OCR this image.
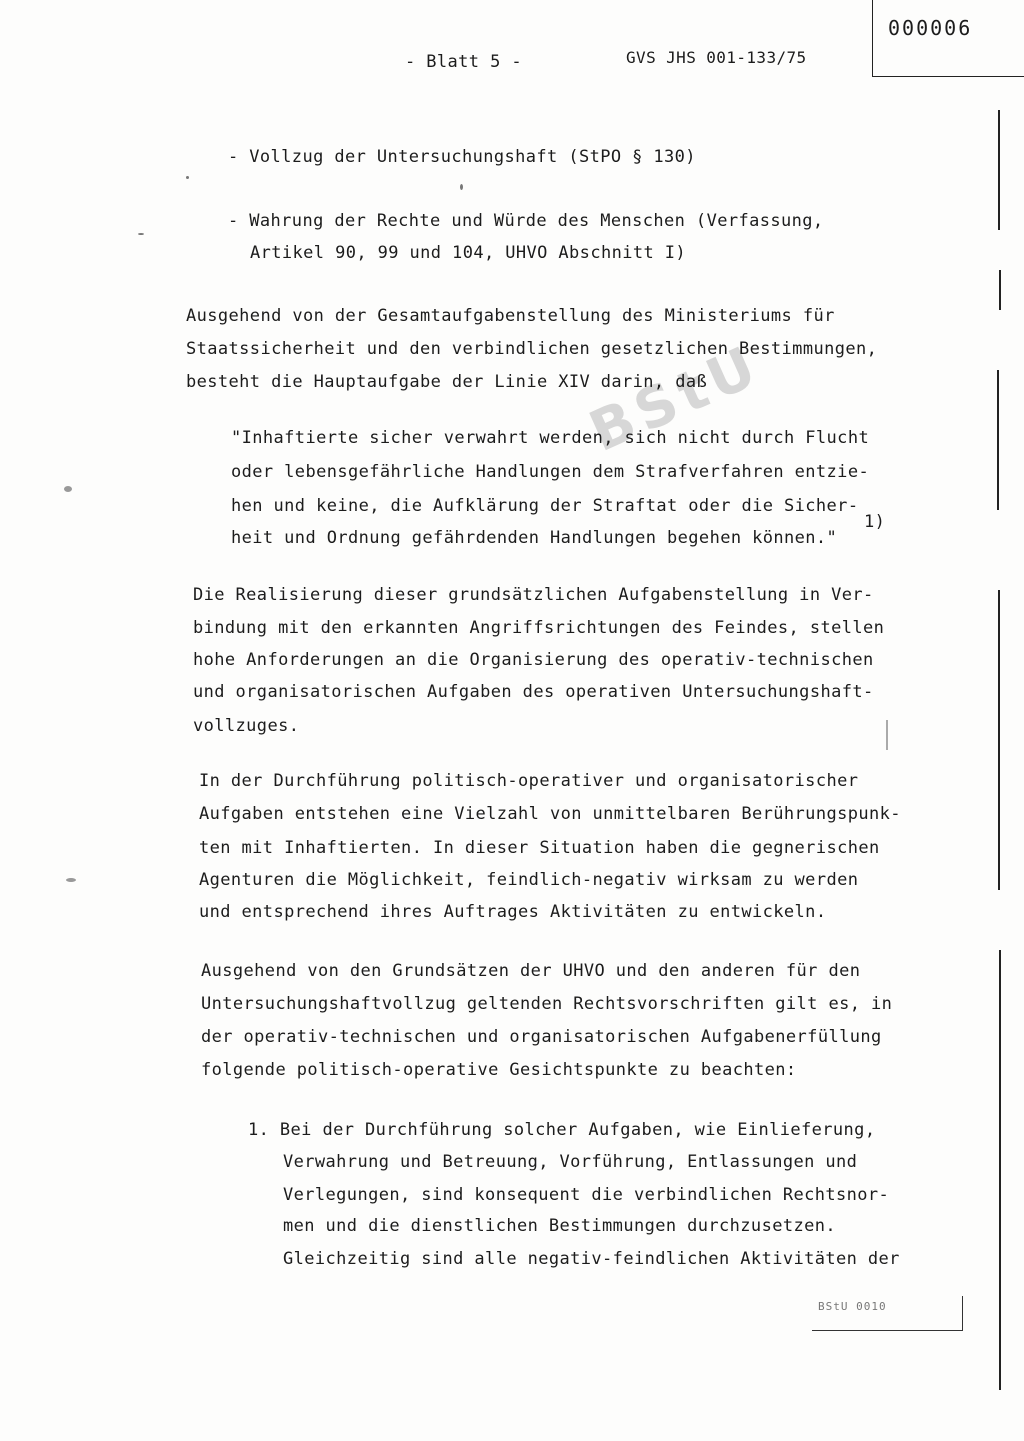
- Blatt 5 -	GVS JHS 001-133/75
000006
BStU
- Vollzug der Untersuchungshaft (StPO § 130)
- Wahrung der Rechte und Würde des Menschen (Verfassung,
Artikel 90, 99 und 104, UHVO Abschnitt I)
Ausgehend von der Gesamtaufgabenstellung des Ministeriums für
Staatssicherheit und den verbindlichen gesetzlichen Bestimmungen,
besteht die Hauptaufgabe der Linie XIV darin, daß
"Inhaftierte sicher verwahrt werden, sich nicht durch Flucht
oder lebensgefährliche Handlungen dem Strafverfahren entzie-
hen und keine, die Aufklärung der Straftat oder die Sicher-
heit und Ordnung gefährdenden Handlungen begehen können."
1)
Die Realisierung dieser grundsätzlichen Aufgabenstellung in Ver-
bindung mit den erkannten Angriffsrichtungen des Feindes, stellen
hohe Anforderungen an die Organisierung des operativ-technischen
und organisatorischen Aufgaben des operativen Untersuchungshaft-
vollzuges.
In der Durchführung politisch-operativer und organisatorischer
Aufgaben entstehen eine Vielzahl von unmittelbaren Berührungspunk-
ten mit Inhaftierten. In dieser Situation haben die gegnerischen
Agenturen die Möglichkeit, feindlich-negativ wirksam zu werden
und entsprechend ihres Auftrages Aktivitäten zu entwickeln.
Ausgehend von den Grundsätzen der UHVO und den anderen für den
Untersuchungshaftvollzug geltenden Rechtsvorschriften gilt es, in
der operativ-technischen und organisatorischen Aufgabenerfüllung
folgende politisch-operative Gesichtspunkte zu beachten:
1. Bei der Durchführung solcher Aufgaben, wie Einlieferung,
Verwahrung und Betreuung, Vorführung, Entlassungen und
Verlegungen, sind konsequent die verbindlichen Rechtsnor-
men und die dienstlichen Bestimmungen durchzusetzen.
Gleichzeitig sind alle negativ-feindlichen Aktivitäten der
BStU 0010
